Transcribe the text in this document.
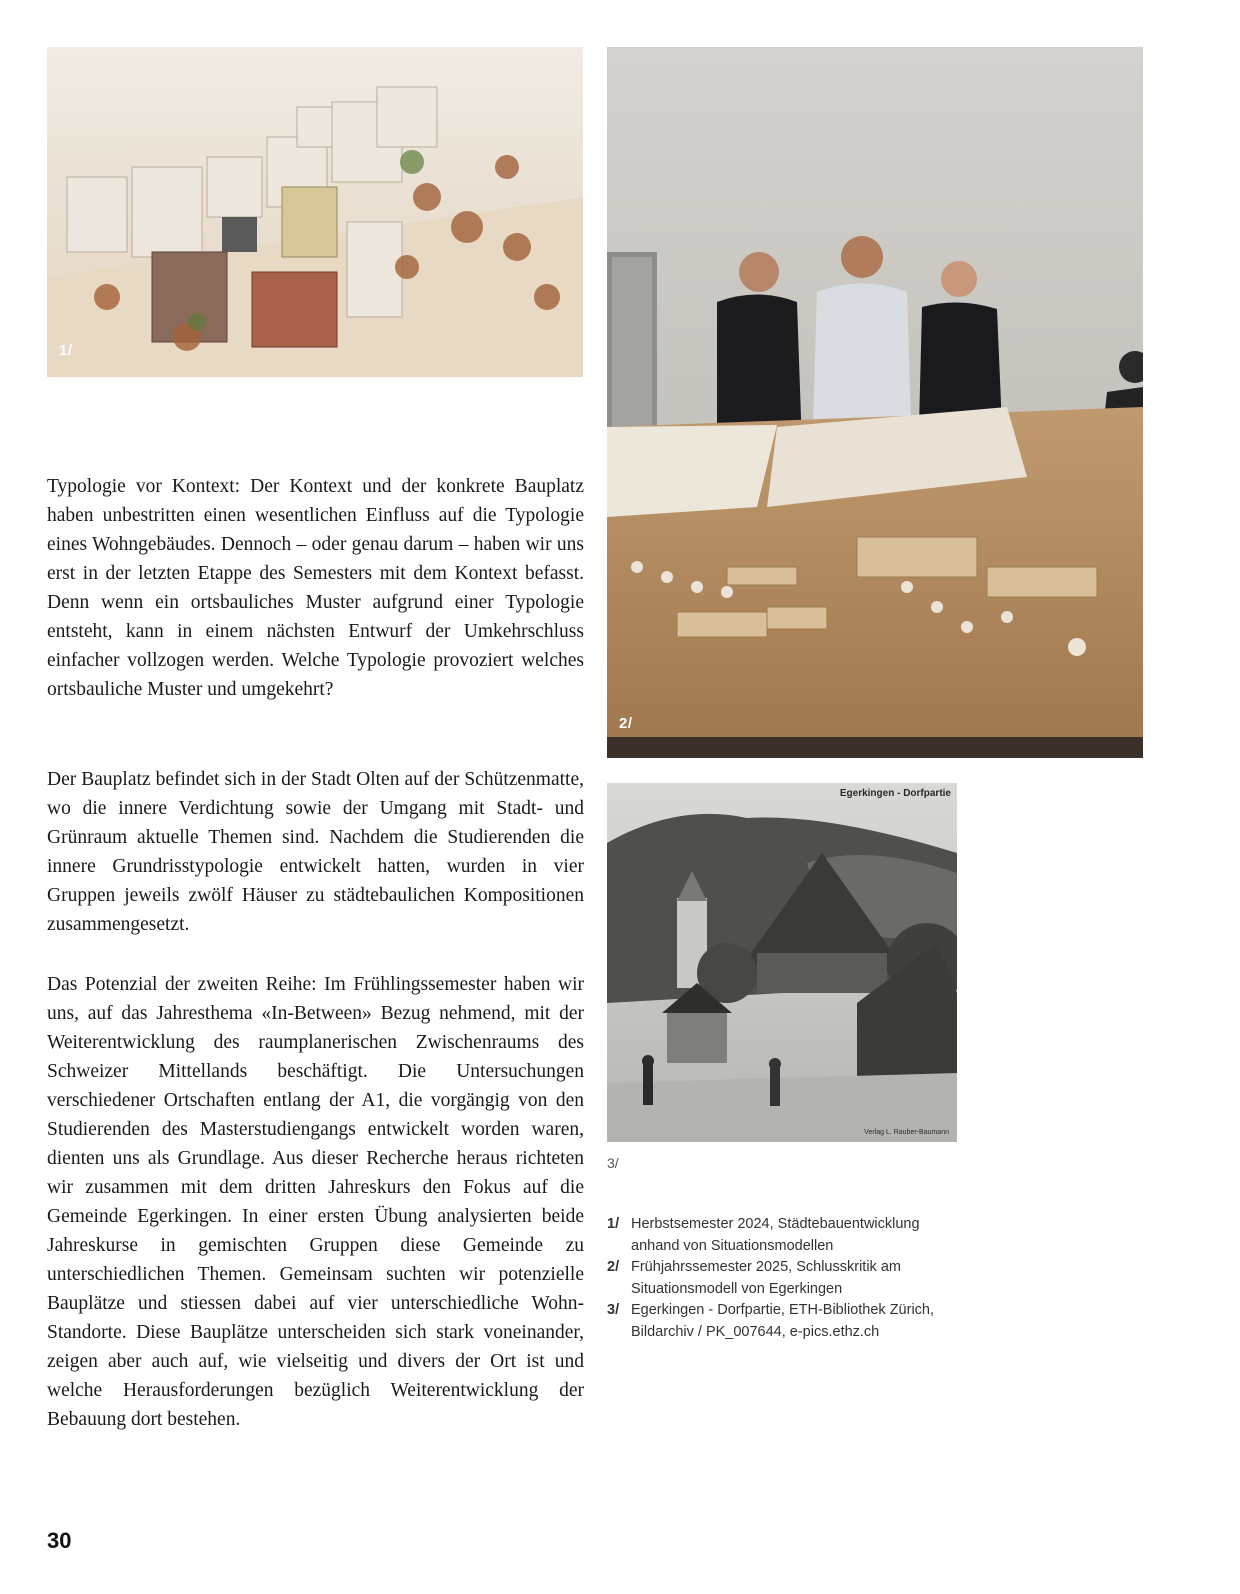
1/
2/
Egerkingen - Dorfpartie
Verlag L. Rauber-Baumann
3/

Typologie vor Kontext: Der Kontext und der konkrete Bauplatz haben unbestritten einen wesentlichen Einfluss auf die Typologie eines Wohngebäudes. Dennoch – oder genau darum – haben wir uns erst in der letzten Etappe des Semesters mit dem Kontext befasst. Denn wenn ein ortsbauliches Muster aufgrund einer Typologie entsteht, kann in einem nächsten Entwurf der Umkehrschluss einfacher vollzogen werden. Welche Typologie provoziert welches ortsbauliche Muster und umgekehrt?

Der Bauplatz befindet sich in der Stadt Olten auf der Schützenmatte, wo die innere Verdichtung sowie der Umgang mit Stadt- und Grünraum aktuelle Themen sind. Nachdem die Studierenden die innere Grundrisstypologie entwickelt hatten, wurden in vier Gruppen jeweils zwölf Häuser zu städtebaulichen Kompositionen zusammengesetzt.

Das Potenzial der zweiten Reihe: Im Frühlingssemester haben wir uns, auf das Jahresthema «In-Between» Bezug nehmend, mit der Weiterentwicklung des raumplanerischen Zwischenraums des Schweizer Mittellands beschäftigt. Die Untersuchungen verschiedener Ortschaften entlang der A1, die vorgängig von den Studierenden des Masterstudiengangs entwickelt worden waren, dienten uns als Grundlage. Aus dieser Recherche heraus richteten wir zusammen mit dem dritten Jahreskurs den Fokus auf die Gemeinde Egerkingen. In einer ersten Übung analysierten beide Jahreskurse in gemischten Gruppen diese Gemeinde zu unterschiedlichen Themen. Gemeinsam suchten wir potenzielle Bauplätze und stiessen dabei auf vier unterschiedliche Wohn-Standorte. Diese Bauplätze unterscheiden sich stark voneinander, zeigen aber auch auf, wie vielseitig und divers der Ort ist und welche Herausforderungen bezüglich Weiterentwicklung der Bebauung dort bestehen.

1/ Herbstsemester 2024, Städtebauentwicklung anhand von Situationsmodellen
2/ Frühjahrssemester 2025, Schlusskritik am Situationsmodell von Egerkingen
3/ Egerkingen - Dorfpartie, ETH-Bibliothek Zürich, Bildarchiv / PK_007644, e-pics.ethz.ch
30
